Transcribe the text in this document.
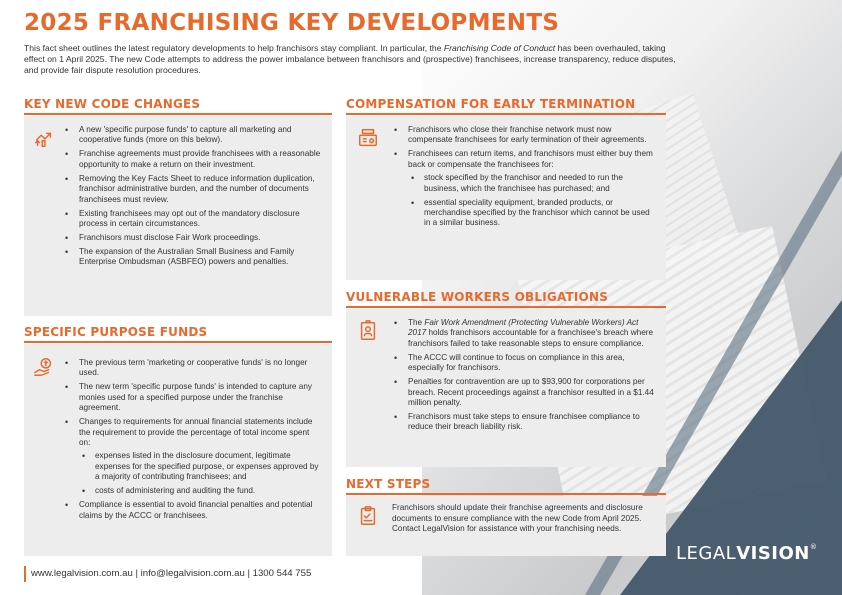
2025 FRANCHISING KEY DEVELOPMENTS

This fact sheet outlines the latest regulatory developments to help franchisors stay compliant. In particular, the Franchising Code of Conduct has been overhauled, taking effect on 1 April 2025. The new Code attempts to address the power imbalance between franchisors and (prospective) franchisees, increase transparency, reduce disputes, and provide fair dispute resolution procedures.

KEY NEW CODE CHANGES
• A new 'specific purpose funds' to capture all marketing and cooperative funds (more on this below).
• Franchise agreements must provide franchisees with a reasonable opportunity to make a return on their investment.
• Removing the Key Facts Sheet to reduce information duplication, franchisor administrative burden, and the number of documents franchisees must review.
• Existing franchisees may opt out of the mandatory disclosure process in certain circumstances.
• Franchisors must disclose Fair Work proceedings.
• The expansion of the Australian Small Business and Family Enterprise Ombudsman (ASBFEO) powers and penalties.
SPECIFIC PURPOSE FUNDS
• The previous term 'marketing or cooperative funds' is no longer used.
• The new term 'specific purpose funds' is intended to capture any monies used for a specified purpose under the franchise agreement.
• Changes to requirements for annual financial statements include the requirement to provide the percentage of total income spent on:
• expenses listed in the disclosure document, legitimate expenses for the specified purpose, or expenses approved by a majority of contributing franchisees; and
• costs of administering and auditing the fund.
• Compliance is essential to avoid financial penalties and potential claims by the ACCC or franchisees.
COMPENSATION FOR EARLY TERMINATION
• Franchisors who close their franchise network must now compensate franchisees for early termination of their agreements.
• Franchisees can return items, and franchisors must either buy them back or compensate the franchisees for:
• stock specified by the franchisor and needed to run the business, which the franchisee has purchased; and
• essential speciality equipment, branded products, or merchandise specified by the franchisor which cannot be used in a similar business.
VULNERABLE WORKERS OBLIGATIONS
• The Fair Work Amendment (Protecting Vulnerable Workers) Act 2017 holds franchisors accountable for a franchisee's breach where franchisors failed to take reasonable steps to ensure compliance.
• The ACCC will continue to focus on compliance in this area, especially for franchisors.
• Penalties for contravention are up to $93,900 for corporations per breach. Recent proceedings against a franchisor resulted in a $1.44 million penalty.
• Franchisors must take steps to ensure franchisee compliance to reduce their breach liability risk.
NEXT STEPS

Franchisors should update their franchise agreements and disclosure documents to ensure compliance with the new Code from April 2025. Contact LegalVision for assistance with your franchising needs.

www.legalvision.com.au | info@legalvision.com.au | 1300 544 755
LEGALVISION®
